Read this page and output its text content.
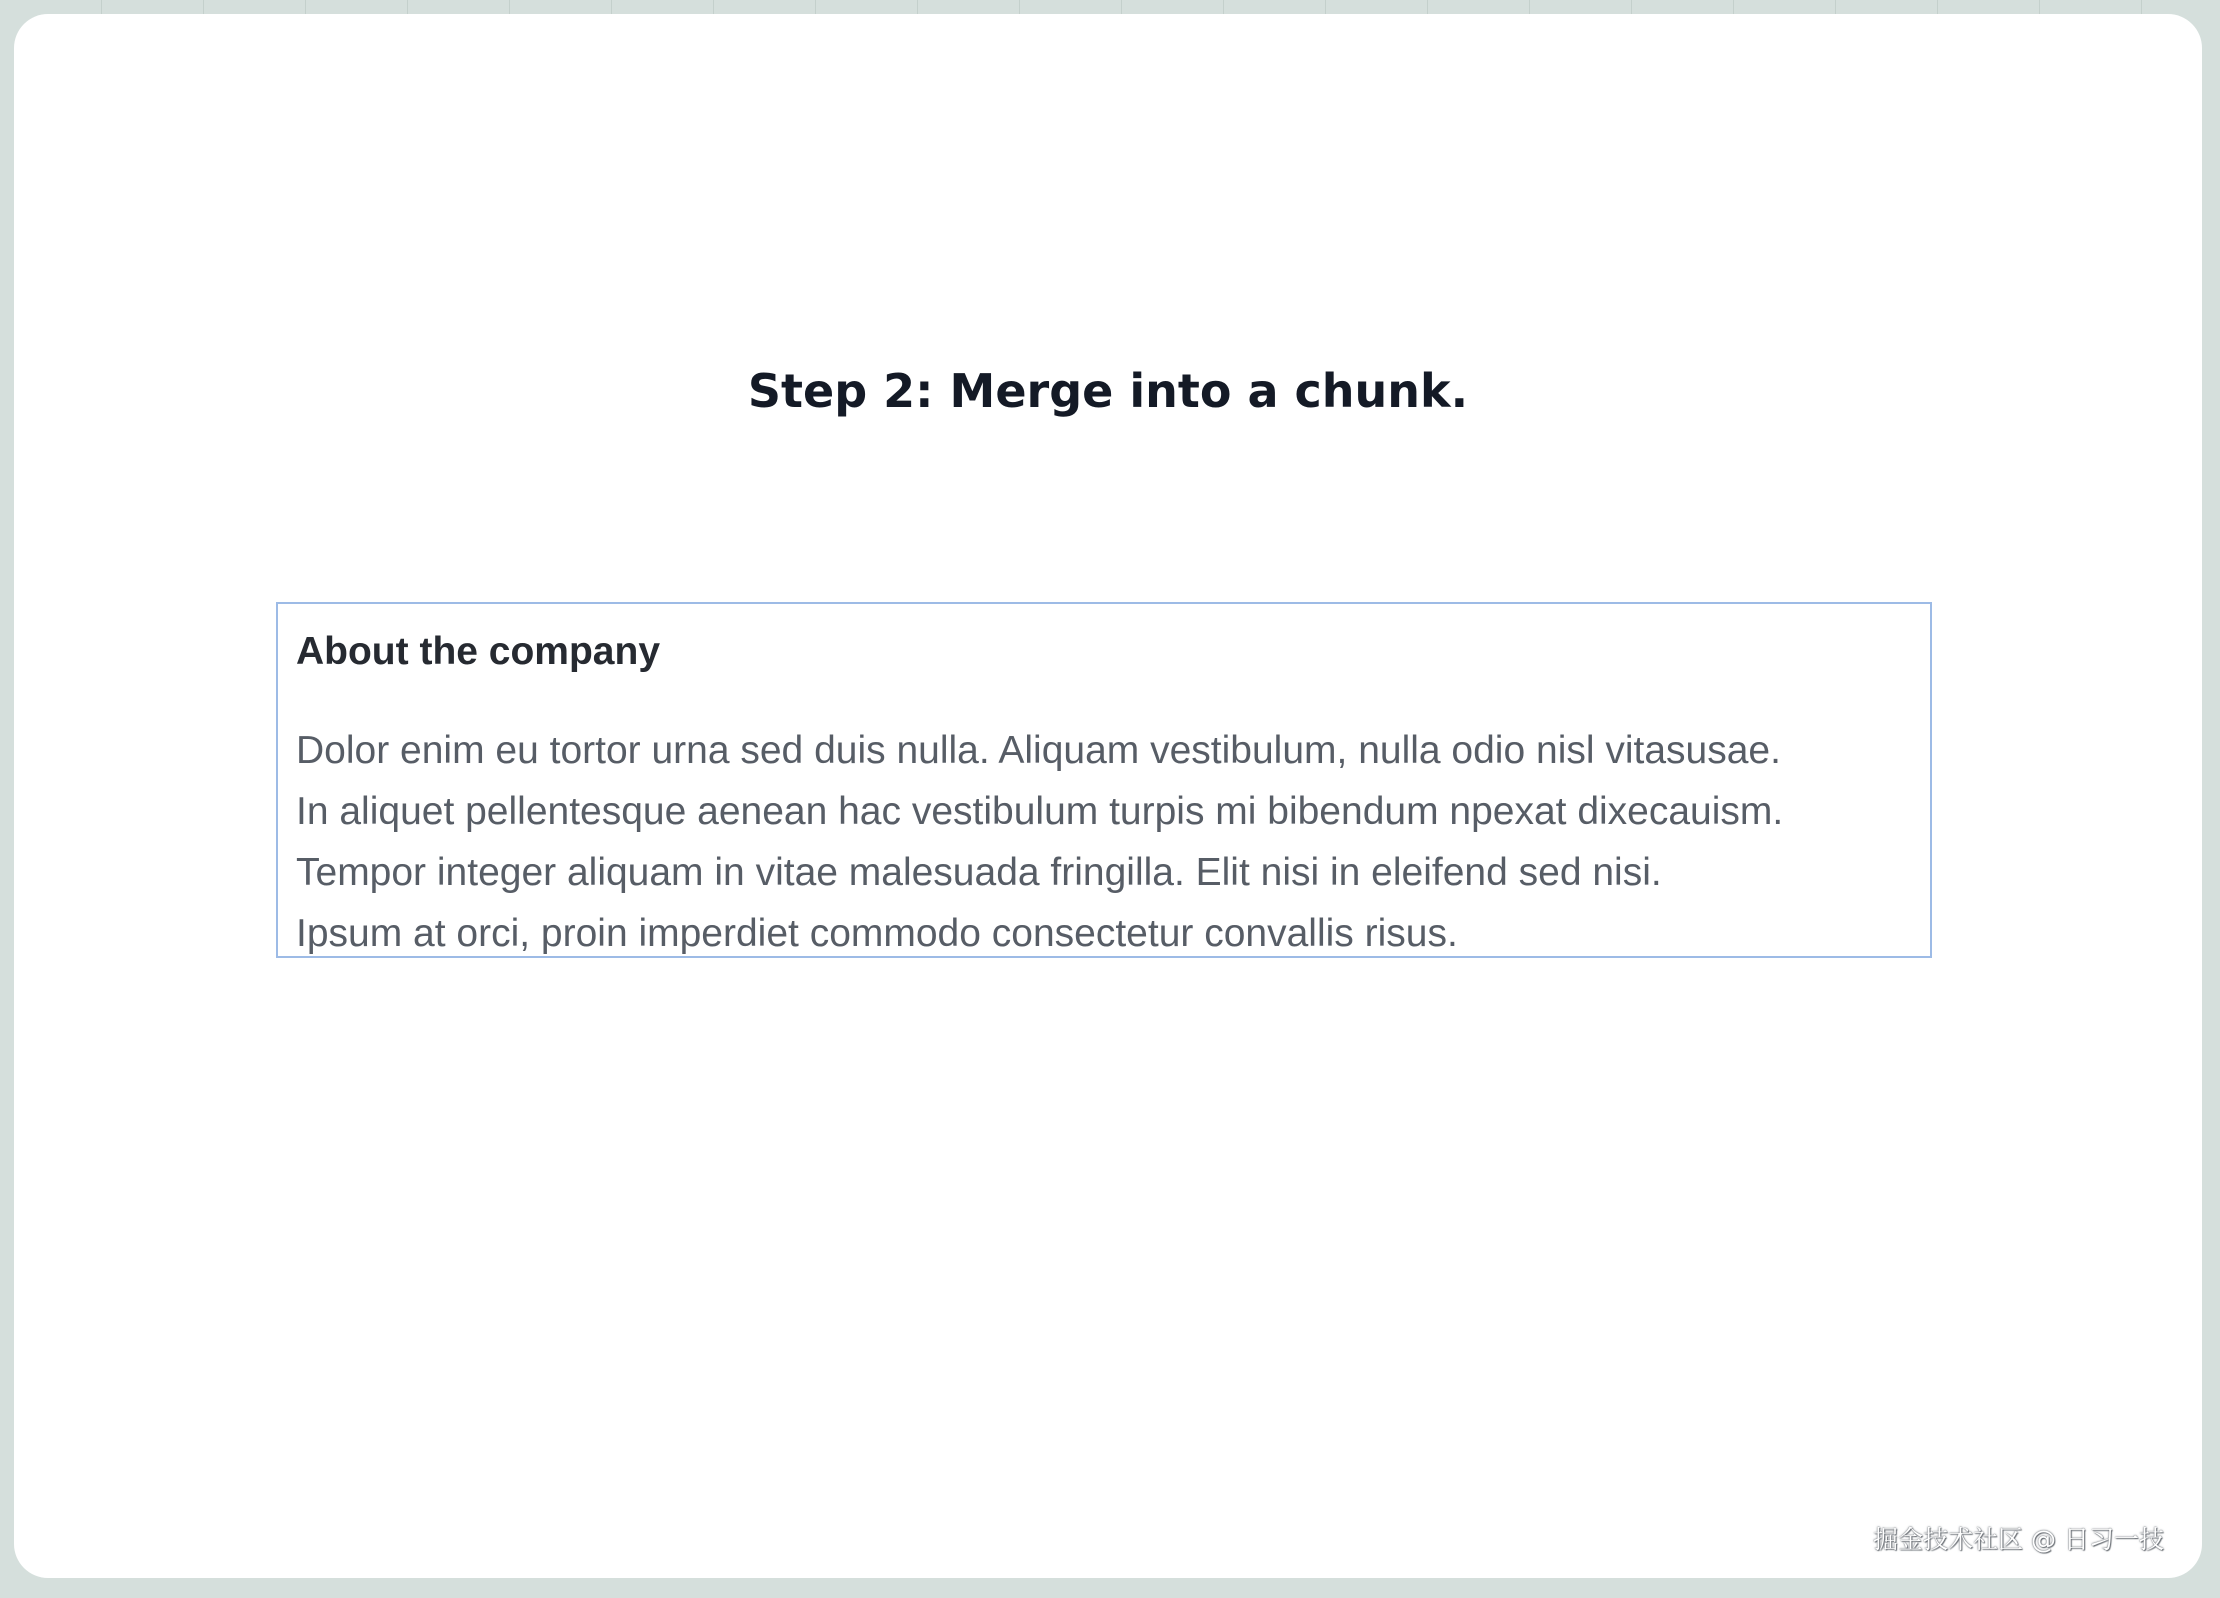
Step 2: Merge into a chunk.
About the company
Dolor enim eu tortor urna sed duis nulla. Aliquam vestibulum, nulla odio nisl vitasusae.
In aliquet pellentesque aenean hac vestibulum turpis mi bibendum npexat dixecauism.
Tempor integer aliquam in vitae malesuada fringilla. Elit nisi in eleifend sed nisi.
Ipsum at orci, proin imperdiet commodo consectetur convallis risus.
掘金技术社区 @ 日习一技
